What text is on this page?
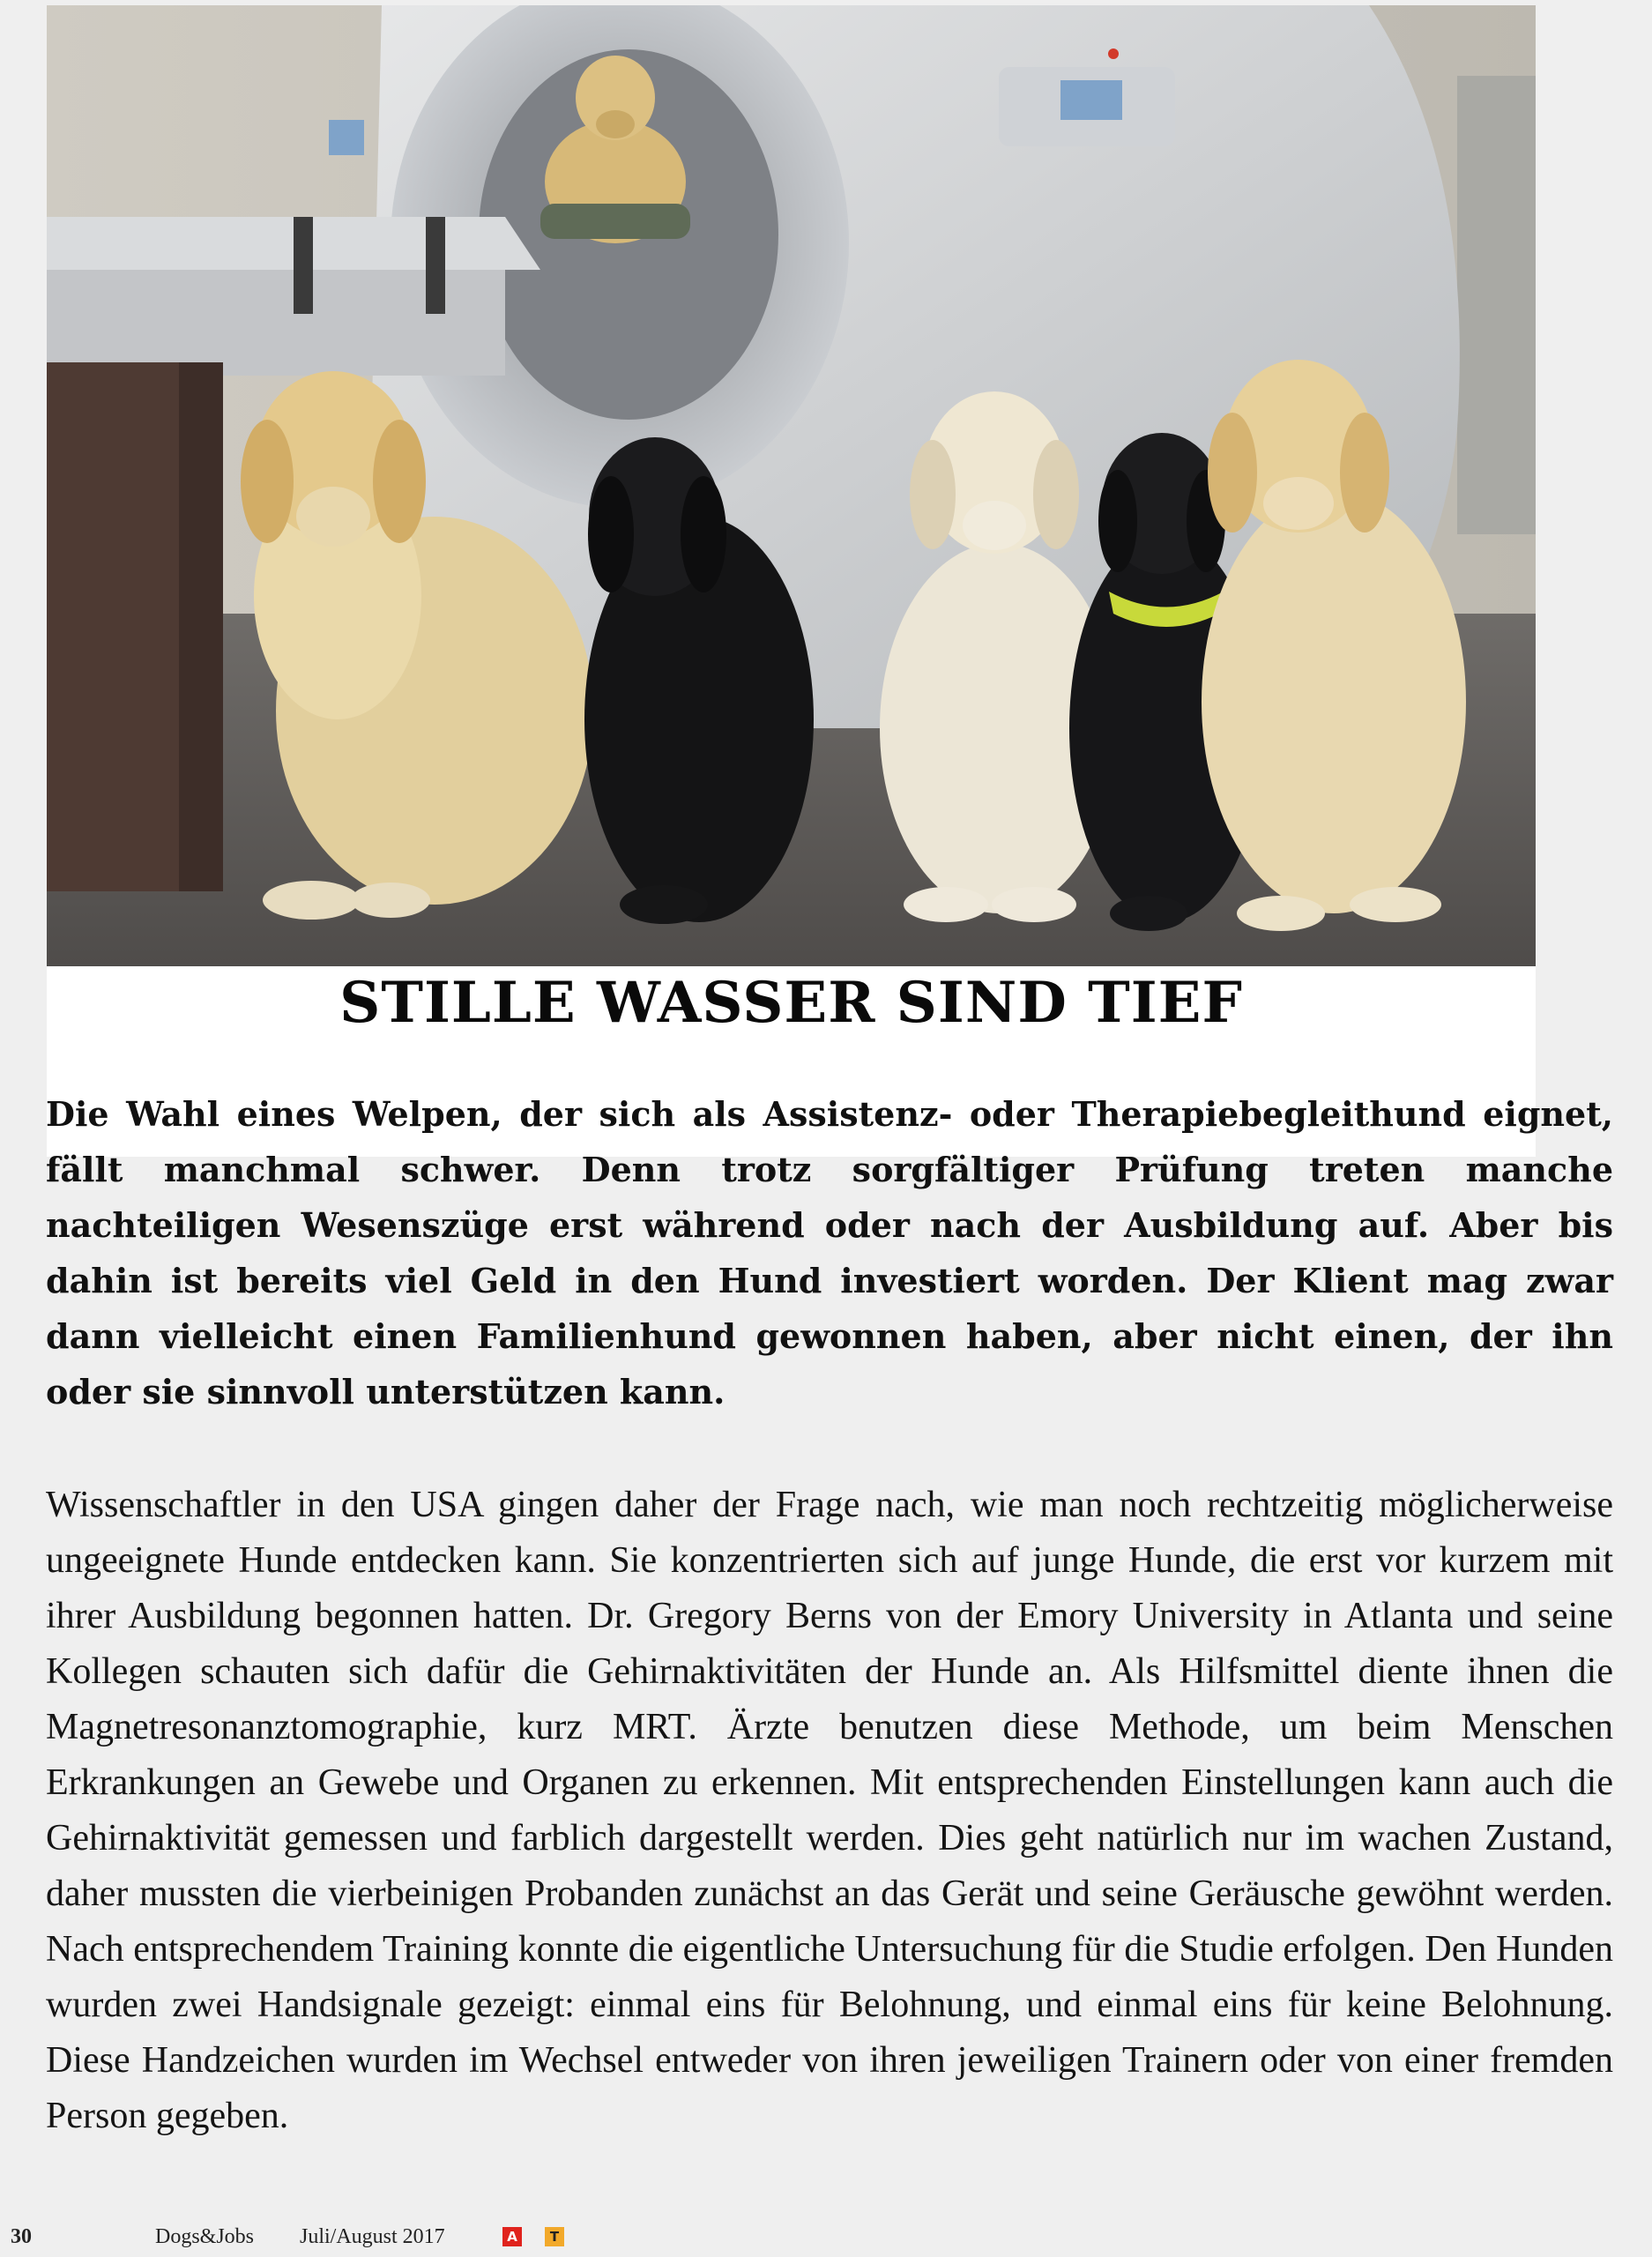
STILLE WASSER SIND TIEF

Die Wahl eines Welpen, der sich als Assistenz- oder Therapiebegleithund eignet, fällt manchmal schwer. Denn trotz sorgfältiger Prüfung treten manche nachteiligen Wesenszüge erst während oder nach der Ausbildung auf. Aber bis dahin ist bereits viel Geld in den Hund investiert worden. Der Klient mag zwar dann vielleicht einen Familienhund gewonnen haben, aber nicht einen, der ihn oder sie sinnvoll unterstützen kann.

Wissenschaftler in den USA gingen daher der Frage nach, wie man noch rechtzeitig möglicherweise ungeeignete Hunde entdecken kann. Sie konzentrierten sich auf junge Hunde, die erst vor kurzem mit ihrer Ausbildung begonnen hatten. Dr. Gregory Berns von der Emory University in Atlanta und seine Kollegen schauten sich dafür die Gehirnaktivitäten der Hunde an. Als Hilfsmittel diente ihnen die Magnetresonanztomographie, kurz MRT. Ärzte benutzen diese Methode, um beim Menschen Erkrankungen an Gewebe und Organen zu erkennen. Mit entsprechenden Einstellungen kann auch die Gehirnaktivität gemessen und farblich dargestellt werden. Dies geht natürlich nur im wachen Zustand, daher mussten die vierbeinigen Probanden zunächst an das Gerät und seine Geräusche gewöhnt werden. Nach entsprechendem Training konnte die eigentliche Untersuchung für die Studie erfolgen. Den Hunden wurden zwei Handsignale gezeigt: einmal eins für Belohnung, und einmal eins für keine Belohnung. Diese Handzeichen wurden im Wechsel entweder von ihren jeweiligen Trainern oder von einer fremden Person gegeben.

30	Dogs&Jobs Juli/August 2017	A	T
